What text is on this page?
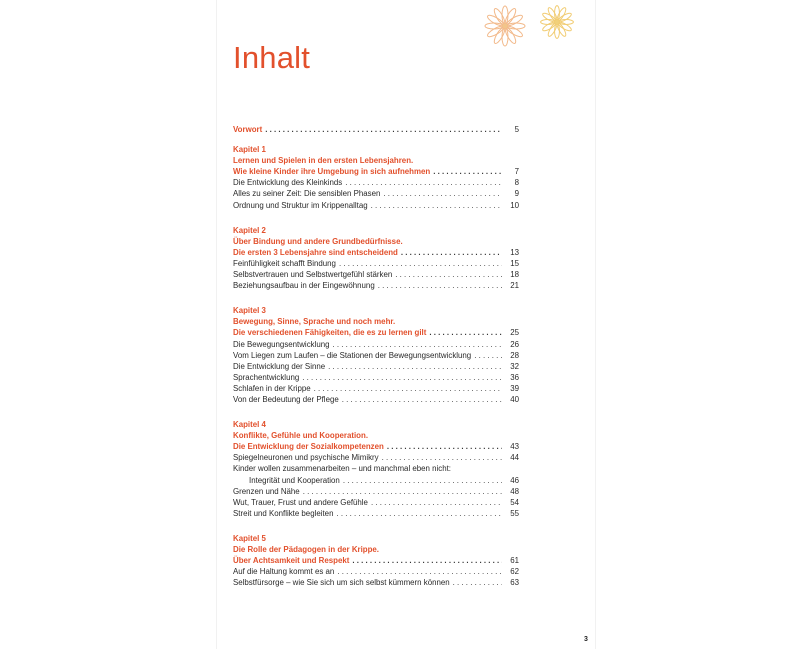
Inhalt
Vorwort . . .	5
Kapitel 1
Lernen und Spielen in den ersten Lebensjahren.
Wie kleine Kinder ihre Umgebung in sich aufnehmen . . .	7
Die Entwicklung des Kleinkinds . . .	8
Alles zu seiner Zeit: Die sensiblen Phasen . . .	9
Ordnung und Struktur im Krippenalltag . . .	10
Kapitel 2
Über Bindung und andere Grundbedürfnisse.
Die ersten 3 Lebensjahre sind entscheidend . . .	13
Feinfühligkeit schafft Bindung . . .	15
Selbstvertrauen und Selbstwertgefühl stärken . . .	18
Beziehungsaufbau in der Eingewöhnung . . .	21
Kapitel 3
Bewegung, Sinne, Sprache und noch mehr.
Die verschiedenen Fähigkeiten, die es zu lernen gilt . . .	25
Die Bewegungsentwicklung . . .	26
Vom Liegen zum Laufen – die Stationen der Bewegungsentwicklung . . .	28
Die Entwicklung der Sinne . . .	32
Sprachentwicklung . . .	36
Schlafen in der Krippe . . .	39
Von der Bedeutung der Pflege . . .	40
Kapitel 4
Konflikte, Gefühle und Kooperation.
Die Entwicklung der Sozialkompetenzen . . .	43
Spiegelneuronen und psychische Mimikry . . .	44
Kinder wollen zusammenarbeiten – und manchmal eben nicht:
Integrität und Kooperation . . .	46
Grenzen und Nähe . . .	48
Wut, Trauer, Frust und andere Gefühle . . .	54
Streit und Konflikte begleiten . . .	55
Kapitel 5
Die Rolle der Pädagogen in der Krippe.
Über Achtsamkeit und Respekt . . .	61
Auf die Haltung kommt es an . . .	62
Selbstfürsorge – wie Sie sich um sich selbst kümmern können . . .	63
3
